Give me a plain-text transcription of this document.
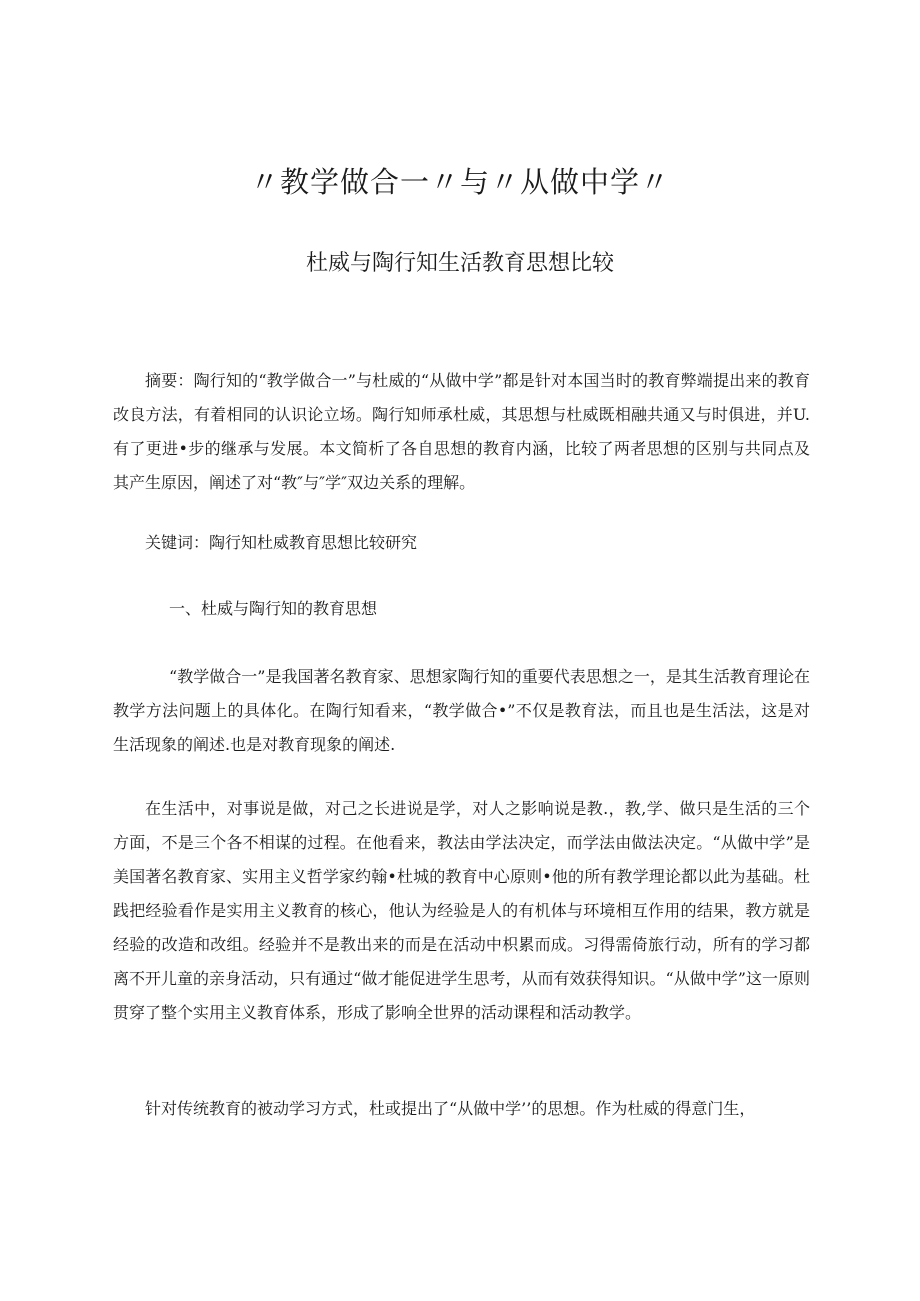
〃教学做合一〃与〃从做中学〃
杜威与陶行知生活教育思想比较

摘要：陶行知的“教学做合一”与杜威的“从做中学”都是针对本国当时的教育弊端提出来的教育改良方法，有着相同的认识论立场。陶行知师承杜威，其思想与杜威既相融共通又与时俱进，并U.有了更进•步的继承与发展。本文简析了各自思想的教育内涵，比较了两者思想的区别与共同点及其产生原因，阐述了对“教″与″学″双边关系的理解。

关键词：陶行知杜威教育思想比较研究

一、杜威与陶行知的教育思想

“教学做合一”是我国著名教育家、思想家陶行知的重要代表思想之一，是其生活教育理论在教学方法问题上的具体化。在陶行知看来，“教学做合•”不仅是教育法，而且也是生活法，这是对生活现象的阐述.也是对教育现象的阐述.

在生活中，对事说是做，对己之长进说是学，对人之影响说是教.，教,学、做只是生活的三个方面，不是三个各不相谋的过程。在他看来，教法由学法决定，而学法由做法决定。“从做中学”是美国著名教育家、实用主义哲学家约翰•杜城的教育中心原则•他的所有教学理论都以此为基础。杜践把经验看作是实用主义教育的核心，他认为经验是人的有机体与环境相互作用的结果，教方就是经验的改造和改组。经验并不是教出来的而是在活动中枳累而成。习得需倚旅行动，所有的学习都离不开儿童的亲身活动，只有通过“做才能促进学生思考，从而有效获得知识。“从做中学”这一原则贯穿了整个实用主义教育体系，形成了影响全世界的活动课程和活动教学。

针对传统教育的被动学习方式，杜或提出了“从做中学’’的思想。作为杜威的得意门生，
